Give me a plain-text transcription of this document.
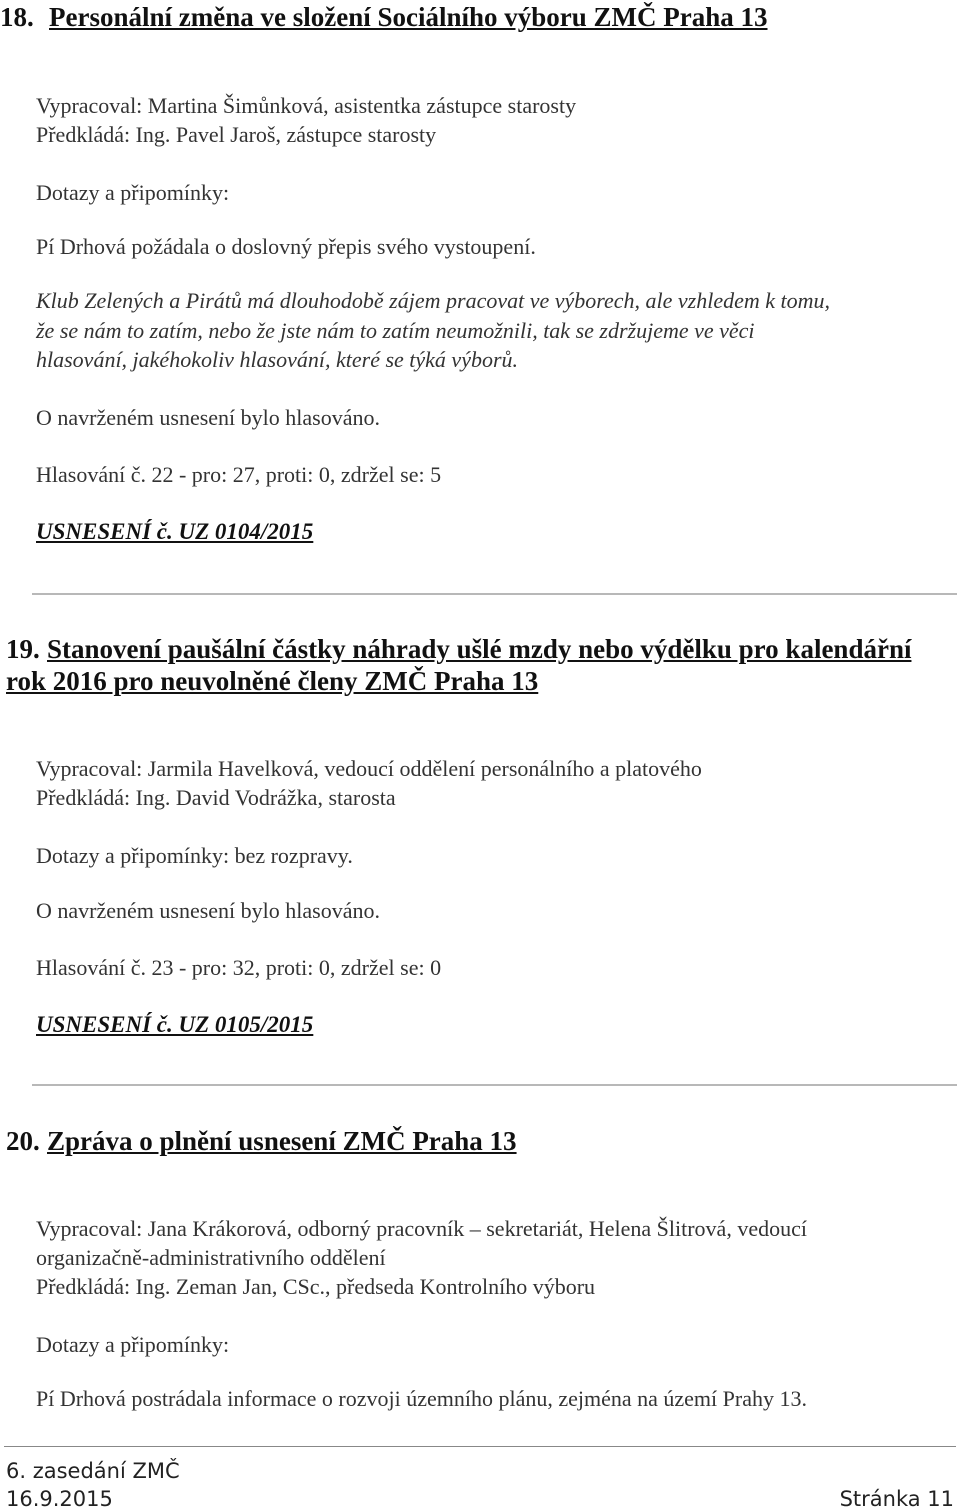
18. Personální změna ve složení Sociálního výboru ZMČ Praha 13
Vypracoval: Martina Šimůnková, asistentka zástupce starosty
Předkládá: Ing. Pavel Jaroš, zástupce starosty
Dotazy a připomínky:
Pí Drhová požádala o doslovný přepis svého vystoupení.
Klub Zelených a Pirátů má dlouhodobě zájem pracovat ve výborech, ale vzhledem k tomu,
že se nám to zatím, nebo že jste nám to zatím neumožnili, tak se zdržujeme ve věci
hlasování, jakéhokoliv hlasování, které se týká výborů.
O navrženém usnesení bylo hlasováno.
Hlasování č. 22 - pro: 27, proti: 0, zdržel se: 5
USNESENÍ č. UZ 0104/2015
19. Stanovení paušální částky náhrady ušlé mzdy nebo výdělku pro kalendářní
rok 2016 pro neuvolněné členy ZMČ Praha 13
Vypracoval: Jarmila Havelková, vedoucí oddělení personálního a platového
Předkládá: Ing. David Vodrážka, starosta
Dotazy a připomínky: bez rozpravy.
O navrženém usnesení bylo hlasováno.
Hlasování č. 23 - pro: 32, proti: 0, zdržel se: 0
USNESENÍ č. UZ 0105/2015
20. Zpráva o plnění usnesení ZMČ Praha 13
Vypracoval: Jana Krákorová, odborný pracovník – sekretariát, Helena Šlitrová, vedoucí
organizačně-administrativního oddělení
Předkládá: Ing. Zeman Jan, CSc., předseda Kontrolního výboru
Dotazy a připomínky:
Pí Drhová postrádala informace o rozvoji územního plánu, zejména na území Prahy 13.
6. zasedání ZMČ
16.9.2015	Stránka 11
